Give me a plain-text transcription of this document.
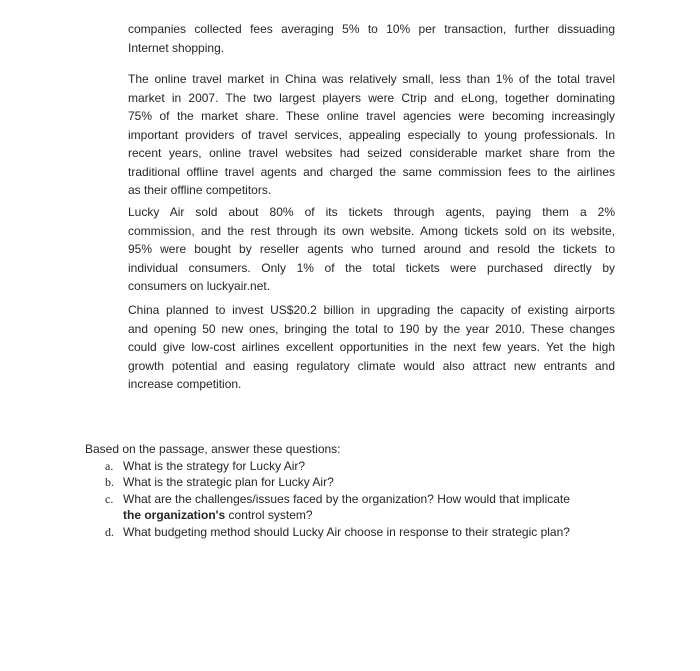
companies collected fees averaging 5% to 10% per transaction, further dissuading
Internet shopping.
The online travel market in China was relatively small, less than 1% of the total travel
market in 2007. The two largest players were Ctrip and eLong, together dominating
75% of the market share. These online travel agencies were becoming increasingly
important providers of travel services, appealing especially to young professionals. In
recent years, online travel websites had seized considerable market share from the
traditional offline travel agents and charged the same commission fees to the airlines
as their offline competitors.
Lucky Air sold about 80% of its tickets through agents, paying them a 2%
commission, and the rest through its own website. Among tickets sold on its website,
95% were bought by reseller agents who turned around and resold the tickets to
individual consumers. Only 1% of the total tickets were purchased directly by
consumers on luckyair.net.
China planned to invest US$20.2 billion in upgrading the capacity of existing airports
and opening 50 new ones, bringing the total to 190 by the year 2010. These changes
could give low-cost airlines excellent opportunities in the next few years. Yet the high
growth potential and easing regulatory climate would also attract new entrants and
increase competition.
Based on the passage, answer these questions:
a. What is the strategy for Lucky Air?
b. What is the strategic plan for Lucky Air?
c. What are the challenges/issues faced by the organization? How would that implicate
the organization's control system?
d. What budgeting method should Lucky Air choose in response to their strategic plan?
